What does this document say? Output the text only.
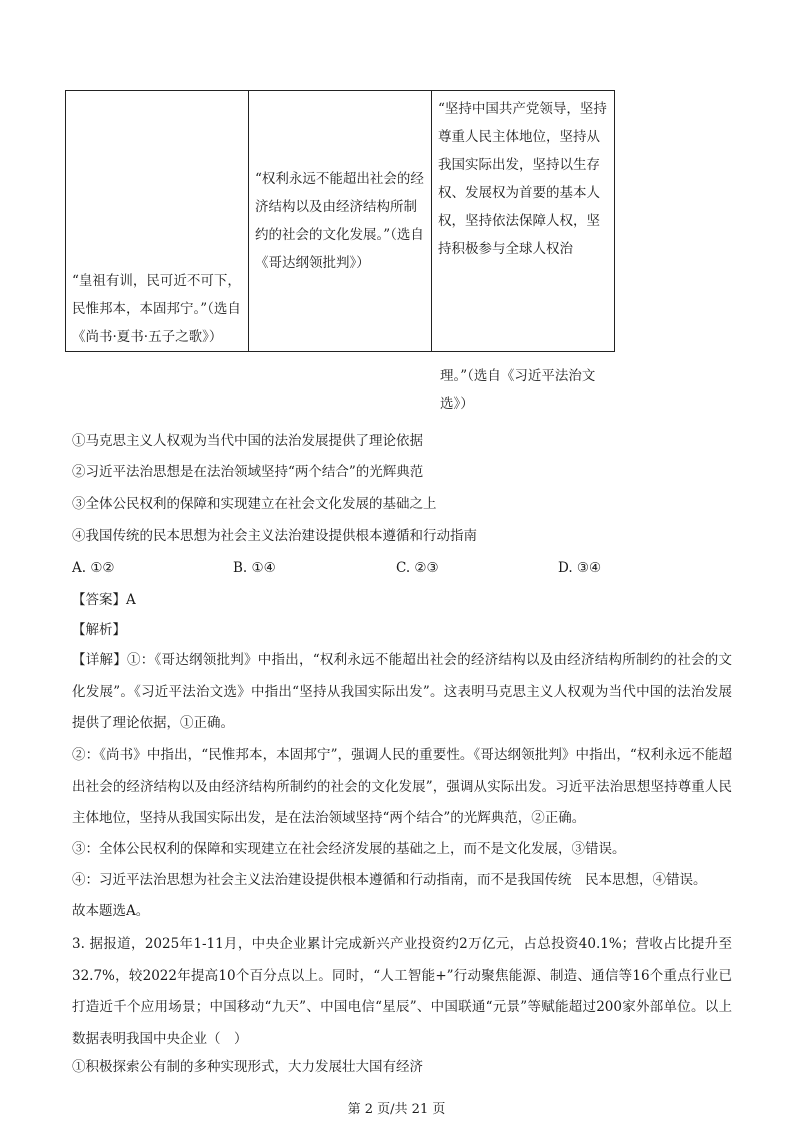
“皇祖有训，民可近不可下，民惟邦本，本固邦宁。”（选自《尚书·夏书·五子之歌》）	“权利永远不能超出社会的经济结构以及由经济结构所制约的社会的文化发展。”（选自《哥达纲领批判》）	“坚持中国共产党领导，坚持尊重人民主体地位，坚持从我国实际出发，坚持以生存权、发展权为首要的基本人权，坚持依法保障人权，坚持积极参与全球人权治
理。”（选自《习近平法治文选》）
①马克思主义人权观为当代中国的法治发展提供了理论依据
②习近平法治思想是在法治领域坚持“两个结合”的光辉典范
③全体公民权利的保障和实现建立在社会文化发展的基础之上
④我国传统的民本思想为社会主义法治建设提供根本遵循和行动指南
A. ①②	B. ①④	C. ②③	D. ③④
【答案】A
【解析】
【详解】①：《哥达纲领批判》中指出，“权利永远不能超出社会的经济结构以及由经济结构所制约的社会的文化发展”。《习近平法治文选》中指出“坚持从我国实际出发”。这表明马克思主义人权观为当代中国的法治发展提供了理论依据，①正确。
②：《尚书》中指出，“民惟邦本，本固邦宁”，强调人民的重要性。《哥达纲领批判》中指出，“权利永远不能超出社会的经济结构以及由经济结构所制约的社会的文化发展”，强调从实际出发。习近平法治思想坚持尊重人民主体地位，坚持从我国实际出发，是在法治领域坚持“两个结合”的光辉典范，②正确。
③：全体公民权利的保障和实现建立在社会经济发展的基础之上，而不是文化发展，③错误。
④：习近平法治思想为社会主义法治建设提供根本遵循和行动指南，而不是我国传统　民本思想，④错误。
故本题选A。
3. 据报道，2025年1-11月，中央企业累计完成新兴产业投资约2万亿元，占总投资40.1%；营收占比提升至32.7%，较2022年提高10个百分点以上。同时，“人工智能+”行动聚焦能源、制造、通信等16个重点行业已打造近千个应用场景；中国移动“九天”、中国电信“星辰”、中国联通“元景”等赋能超过200家外部单位。以上数据表明我国中央企业（　）
①积极探索公有制的多种实现形式，大力发展壮大国有经济
第 2 页/共 21 页
